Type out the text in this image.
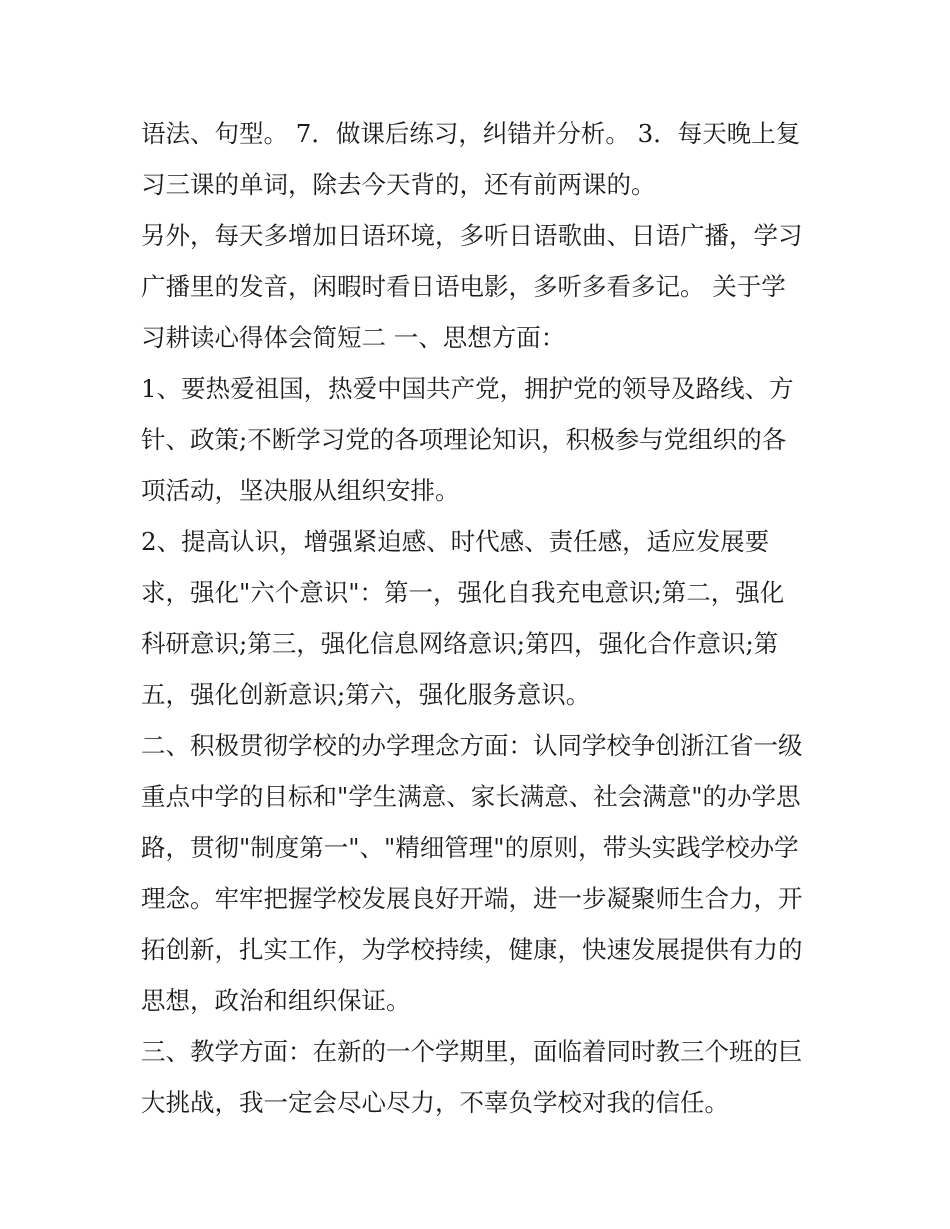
语法、句型。 7．做课后练习，纠错并分析。 3．每天晚上复
习三课的单词，除去今天背的，还有前两课的。

另外，每天多增加日语环境，多听日语歌曲、日语广播，学习
广播里的发音，闲暇时看日语电影，多听多看多记。 关于学
习耕读心得体会简短二 一、思想方面：

1、要热爱祖国，热爱中国共产党，拥护党的领导及路线、方
针、政策;不断学习党的各项理论知识，积极参与党组织的各
项活动，坚决服从组织安排。

2、提高认识，增强紧迫感、时代感、责任感，适应发展要
求，强化"六个意识"：第一，强化自我充电意识;第二，强化
科研意识;第三，强化信息网络意识;第四，强化合作意识;第
五，强化创新意识;第六，强化服务意识。

二、积极贯彻学校的办学理念方面：认同学校争创浙江省一级
重点中学的目标和"学生满意、家长满意、社会满意"的办学思
路，贯彻"制度第一"、"精细管理"的原则，带头实践学校办学
理念。牢牢把握学校发展良好开端，进一步凝聚师生合力，开
拓创新，扎实工作，为学校持续，健康，快速发展提供有力的
思想，政治和组织保证。

三、教学方面：在新的一个学期里，面临着同时教三个班的巨
大挑战，我一定会尽心尽力，不辜负学校对我的信任。
